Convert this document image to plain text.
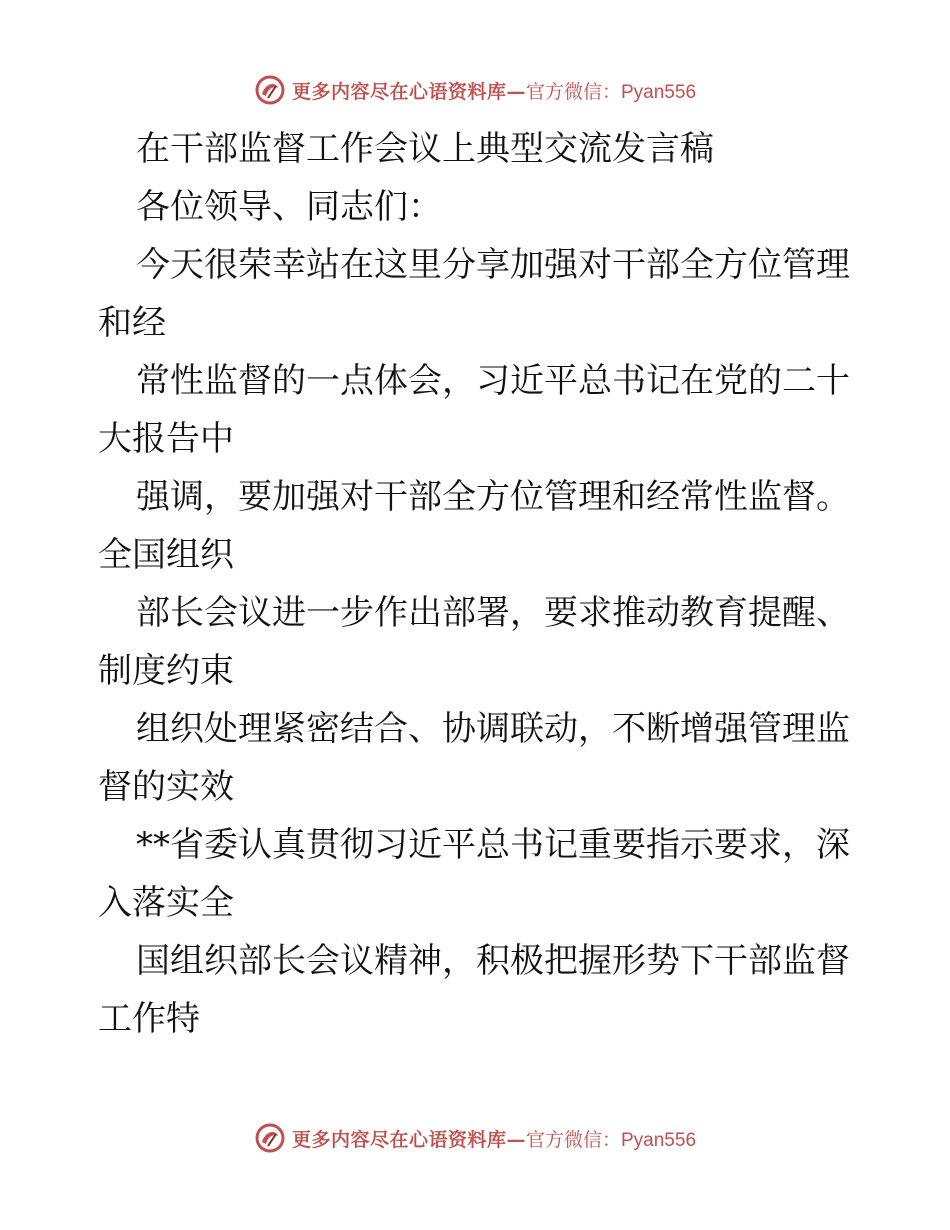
更多内容尽在心语资料库— 官方微信：Pyan556

在干部监督工作会议上典型交流发言稿

各位领导、同志们：

今天很荣幸站在这里分享加强对干部全方位管理

和经

常性监督的一点体会，习近平总书记在党的二十

大报告中

强调，要加强对干部全方位管理和经常性监督。

全国组织

部长会议进一步作出部署，要求推动教育提醒、

制度约束

组织处理紧密结合、协调联动，不断增强管理监

督的实效

**省委认真贯彻习近平总书记重要指示要求，深

入落实全

国组织部长会议精神，积极把握形势下干部监督

工作特

更多内容尽在心语资料库— 官方微信：Pyan556
